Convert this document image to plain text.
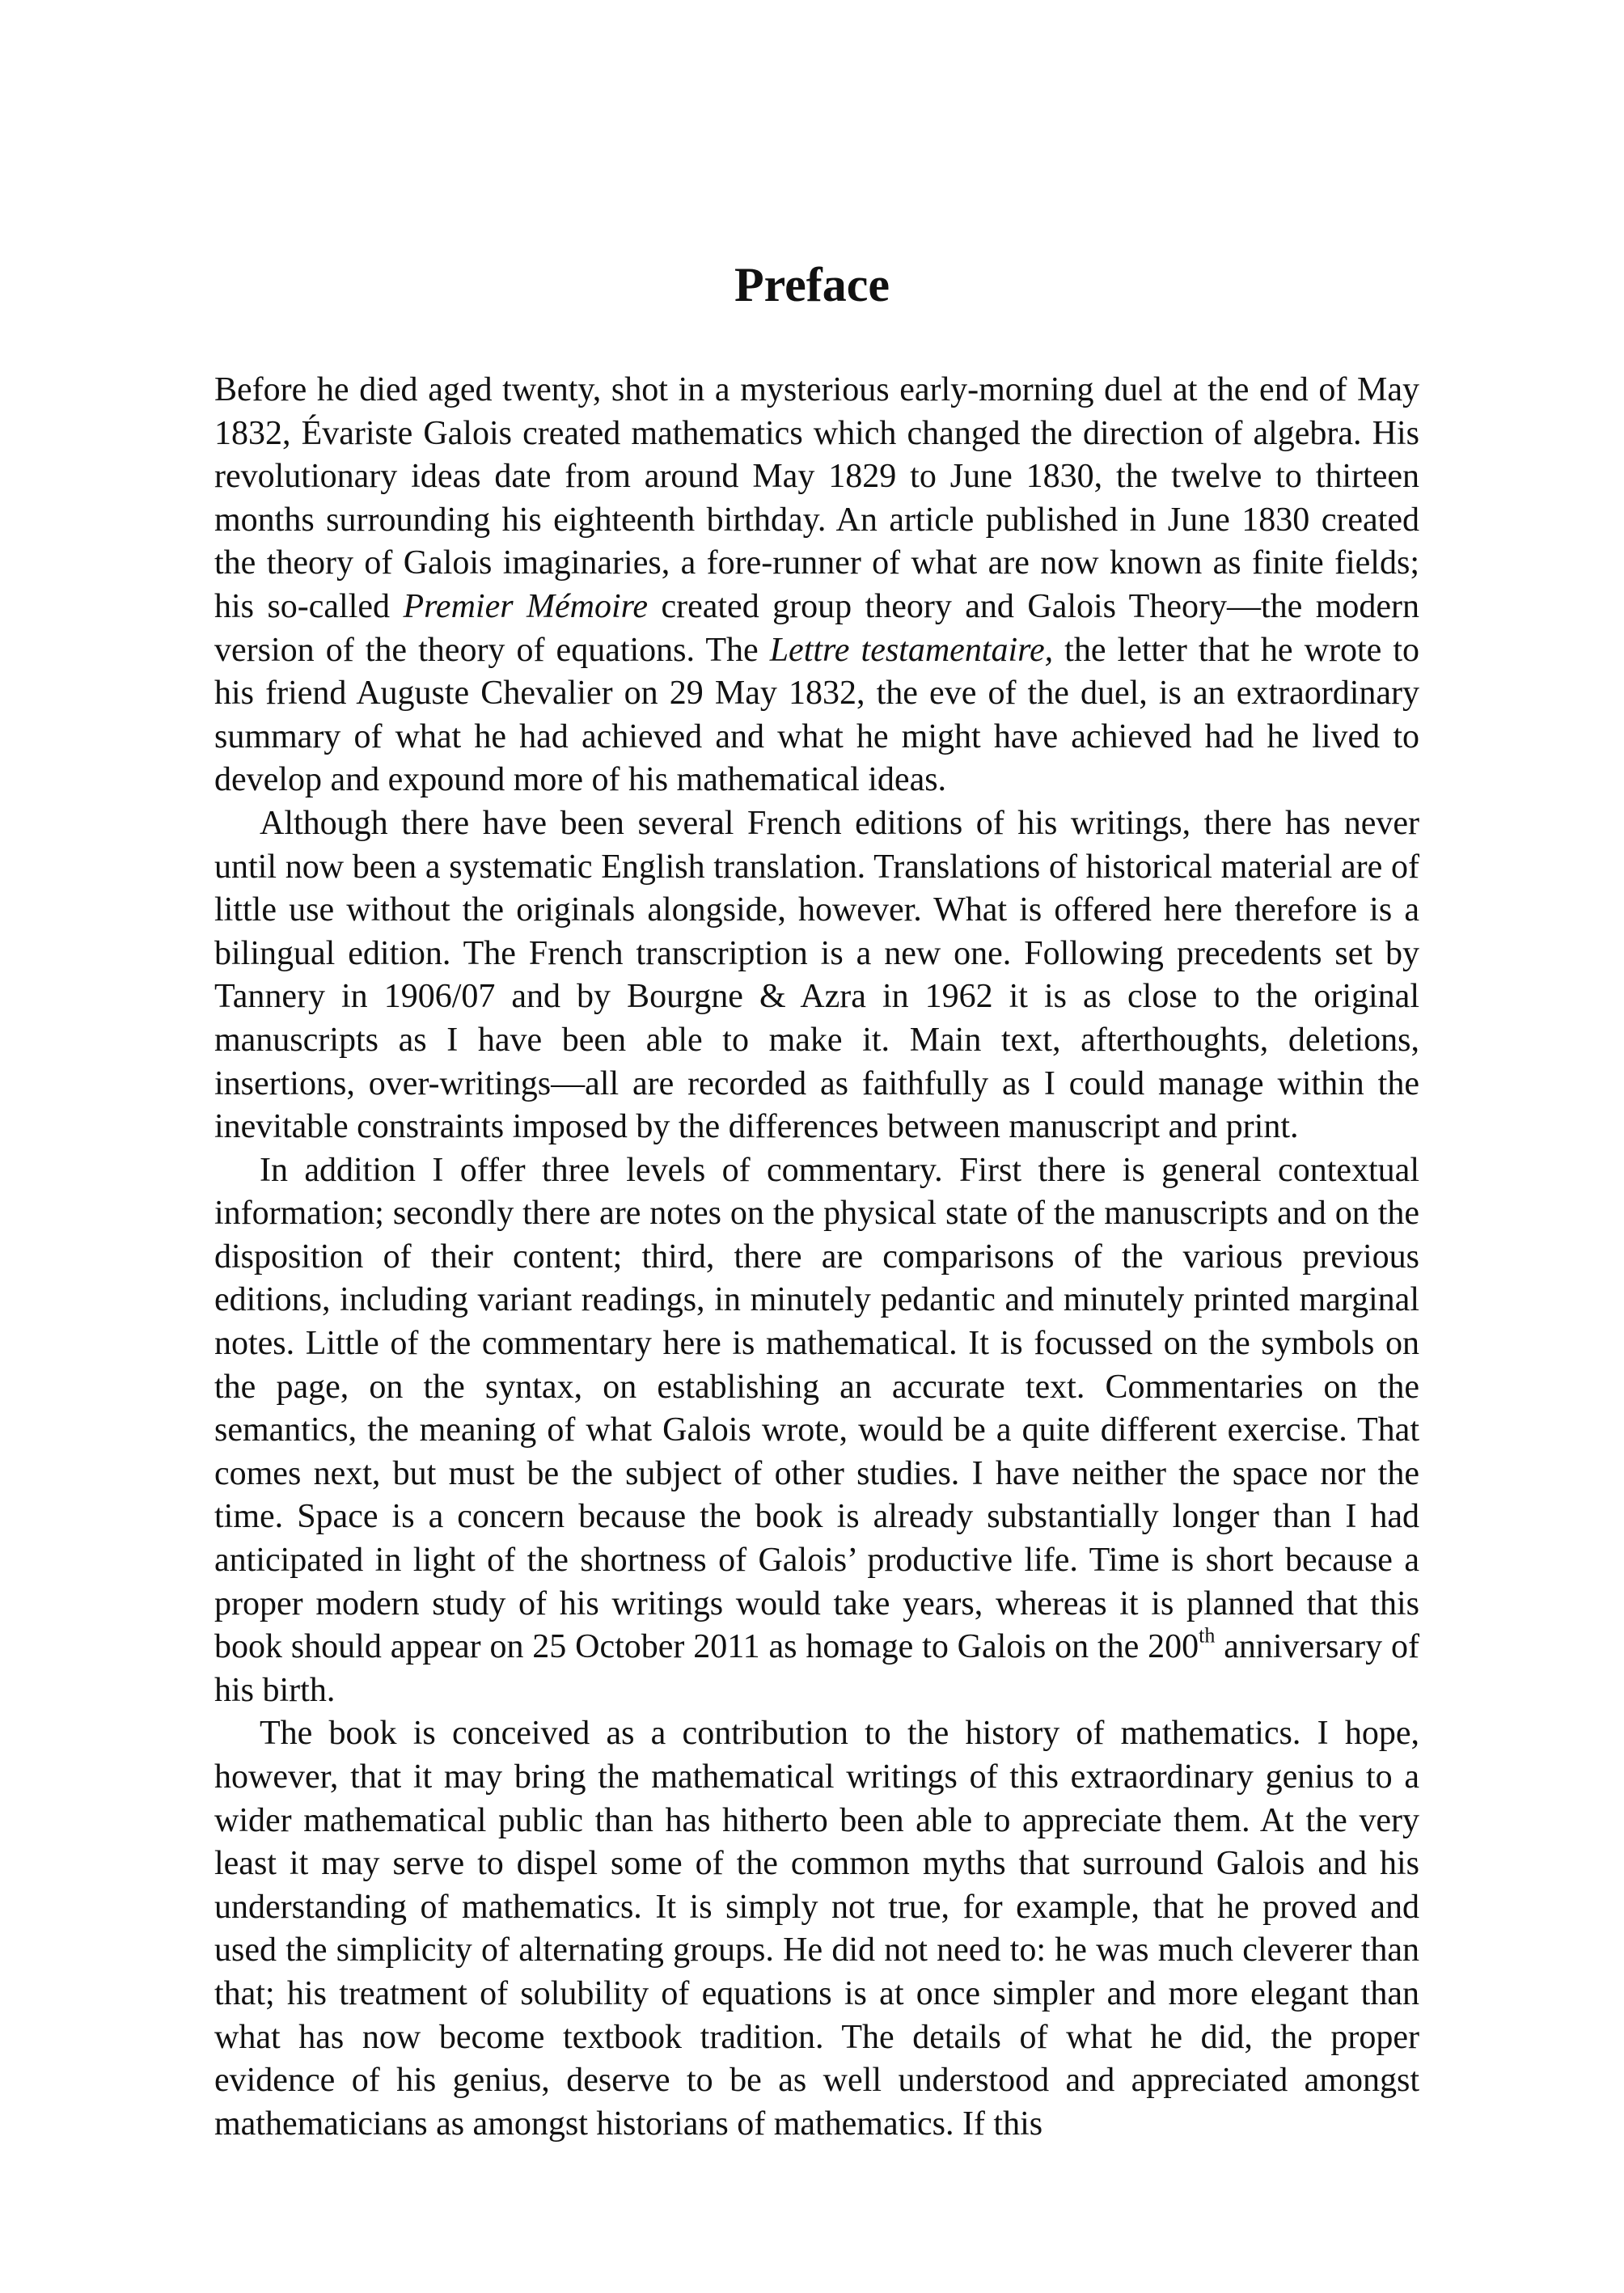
Preface

Before he died aged twenty, shot in a mysterious early-morning duel at the end of May 1832, Évariste Galois created mathematics which changed the direction of algebra. His revolutionary ideas date from around May 1829 to June 1830, the twelve to thirteen months surrounding his eighteenth birthday. An article published in June 1830 created the theory of Galois imaginaries, a fore-runner of what are now known as finite fields; his so-called Premier Mémoire created group theory and Galois Theory—the modern version of the theory of equations. The Lettre testamentaire, the letter that he wrote to his friend Auguste Chevalier on 29 May 1832, the eve of the duel, is an extraordinary summary of what he had achieved and what he might have achieved had he lived to develop and expound more of his mathematical ideas.

Although there have been several French editions of his writings, there has never until now been a systematic English translation. Translations of historical material are of little use without the originals alongside, however. What is offered here therefore is a bilingual edition. The French transcription is a new one. Following precedents set by Tannery in 1906/07 and by Bourgne & Azra in 1962 it is as close to the original manuscripts as I have been able to make it. Main text, afterthoughts, deletions, insertions, over-writings—all are recorded as faithfully as I could manage within the inevitable constraints imposed by the differences between manuscript and print.

In addition I offer three levels of commentary. First there is general contextual information; secondly there are notes on the physical state of the manuscripts and on the disposition of their content; third, there are comparisons of the various previous editions, including variant readings, in minutely pedantic and minutely printed marginal notes. Little of the commentary here is mathematical. It is focussed on the symbols on the page, on the syntax, on establishing an accurate text. Commentaries on the semantics, the meaning of what Galois wrote, would be a quite different exercise. That comes next, but must be the subject of other studies. I have neither the space nor the time. Space is a concern because the book is already substantially longer than I had anticipated in light of the shortness of Galois’ productive life. Time is short because a proper modern study of his writings would take years, whereas it is planned that this book should appear on 25 October 2011 as homage to Galois on the 200th anniversary of his birth.

The book is conceived as a contribution to the history of mathematics. I hope, however, that it may bring the mathematical writings of this extraordinary genius to a wider mathematical public than has hitherto been able to appreciate them. At the very least it may serve to dispel some of the common myths that surround Galois and his understanding of mathematics. It is simply not true, for example, that he proved and used the simplicity of alternating groups. He did not need to: he was much cleverer than that; his treatment of solubility of equations is at once simpler and more elegant than what has now become textbook tradition. The details of what he did, the proper evidence of his genius, deserve to be as well understood and appreciated amongst mathematicians as amongst historians of mathematics. If this
